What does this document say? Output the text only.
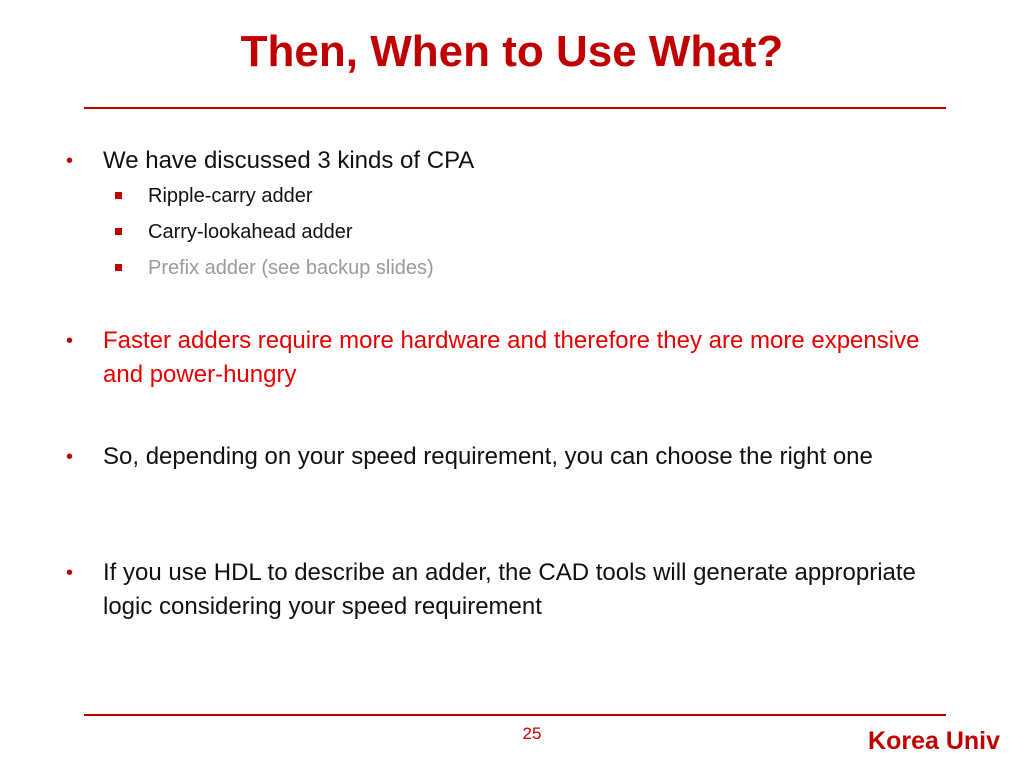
Then, When to Use What?
•	We have discussed 3 kinds of CPA
Ripple-carry adder
Carry-lookahead adder
Prefix adder (see backup slides)
•	Faster adders require more hardware and therefore they are more expensive and power-hungry
•	So, depending on your speed requirement, you can choose the right one
•	If you use HDL to describe an adder, the CAD tools will generate appropriate logic considering your speed requirement
25	Korea Univ
